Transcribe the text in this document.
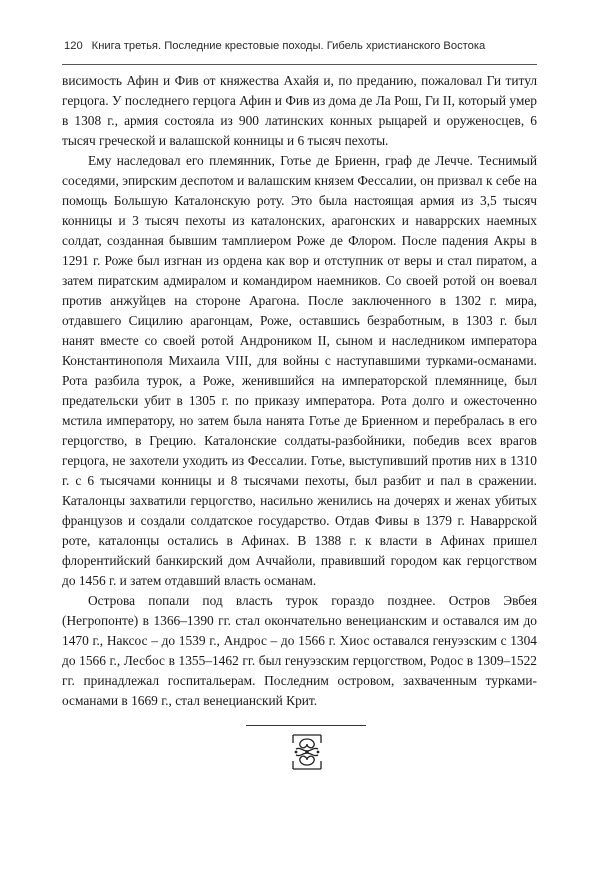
120 Книга третья. Последние крестовые походы. Гибель христианского Востока

висимость Афин и Фив от княжества Ахайя и, по преданию, пожаловал Ги титул герцога. У последнего герцога Афин и Фив из дома де Ла Рош, Ги II, который умер в 1308 г., армия состояла из 900 латинских конных рыцарей и оруженосцев, 6 тысяч греческой и валашской конницы и 6 тысяч пехоты.

Ему наследовал его племянник, Готье де Бриенн, граф де Лечче. Теснимый соседями, эпирским деспотом и валашским князем Фессалии, он призвал к себе на помощь Большую Каталонскую роту. Это была настоящая армия из 3,5 тысяч конницы и 3 тысяч пехоты из каталонских, арагонских и наваррских наемных солдат, созданная бывшим тамплиером Роже де Флором. После падения Акры в 1291 г. Роже был изгнан из ордена как вор и отступник от веры и стал пиратом, а затем пиратским адмиралом и командиром наемников. Со своей ротой он воевал против анжуйцев на стороне Арагона. После заключенного в 1302 г. мира, отдавшего Сицилию арагонцам, Роже, оставшись безработным, в 1303 г. был нанят вместе со своей ротой Андроником II, сыном и наследником императора Константинополя Михаила VIII, для войны с наступавшими турками-османами. Рота разбила турок, а Роже, женившийся на императорской племяннице, был предательски убит в 1305 г. по приказу императора. Рота долго и ожесточенно мстила императору, но затем была нанята Готье де Бриенном и перебралась в его герцогство, в Грецию. Каталонские солдаты-разбойники, победив всех врагов герцога, не захотели уходить из Фессалии. Готье, выступивший против них в 1310 г. с 6 тысячами конницы и 8 тысячами пехоты, был разбит и пал в сражении. Каталонцы захватили герцогство, насильно женились на дочерях и женах убитых французов и создали солдатское государство. Отдав Фивы в 1379 г. Наваррской роте, каталонцы остались в Афинах. В 1388 г. к власти в Афинах пришел флорентийский банкирский дом Аччайоли, правивший городом как герцогством до 1456 г. и затем отдавший власть османам.

Острова попали под власть турок гораздо позднее. Остров Эвбея (Негропонте) в 1366–1390 гг. стал окончательно венецианским и оставался им до 1470 г., Наксос – до 1539 г., Андрос – до 1566 г. Хиос оставался генуэзским с 1304 до 1566 г., Лесбос в 1355–1462 гг. был генуэзским герцогством, Родос в 1309–1522 гг. принадлежал госпитальерам. Последним островом, захваченным турками-османами в 1669 г., стал венецианский Крит.
